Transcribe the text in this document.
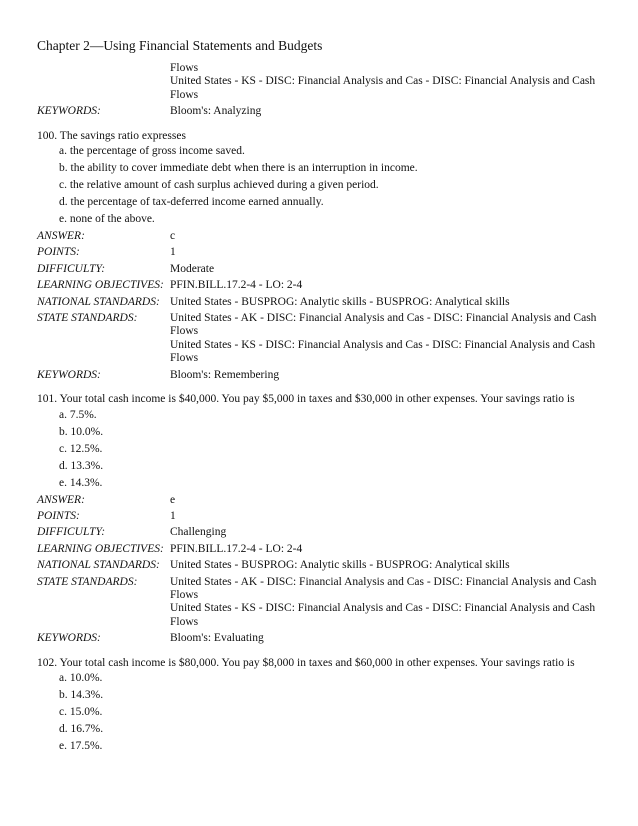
Chapter 2—Using Financial Statements and Budgets
Flows
United States - KS - DISC: Financial Analysis and Cas - DISC: Financial Analysis and Cash Flows
KEYWORDS:	Bloom's: Analyzing
100. The savings ratio expresses
a. the percentage of gross income saved.
b. the ability to cover immediate debt when there is an interruption in income.
c. the relative amount of cash surplus achieved during a given period.
d. the percentage of tax-deferred income earned annually.
e. none of the above.
ANSWER:	c
POINTS:	1
DIFFICULTY:	Moderate
LEARNING OBJECTIVES: PFIN.BILL.17.2-4 - LO: 2-4
NATIONAL STANDARDS: United States - BUSPROG: Analytic skills - BUSPROG: Analytical skills
STATE STANDARDS:	United States - AK - DISC: Financial Analysis and Cas - DISC: Financial Analysis and Cash Flows
United States - KS - DISC: Financial Analysis and Cas - DISC: Financial Analysis and Cash Flows
KEYWORDS:	Bloom's: Remembering
101. Your total cash income is $40,000. You pay $5,000 in taxes and $30,000 in other expenses. Your savings ratio is
a. 7.5%.
b. 10.0%.
c. 12.5%.
d. 13.3%.
e. 14.3%.
ANSWER:	e
POINTS:	1
DIFFICULTY:	Challenging
LEARNING OBJECTIVES: PFIN.BILL.17.2-4 - LO: 2-4
NATIONAL STANDARDS: United States - BUSPROG: Analytic skills - BUSPROG: Analytical skills
STATE STANDARDS:	United States - AK - DISC: Financial Analysis and Cas - DISC: Financial Analysis and Cash Flows
United States - KS - DISC: Financial Analysis and Cas - DISC: Financial Analysis and Cash Flows
KEYWORDS:	Bloom's: Evaluating
102. Your total cash income is $80,000. You pay $8,000 in taxes and $60,000 in other expenses. Your savings ratio is
a. 10.0%.
b. 14.3%.
c. 15.0%.
d. 16.7%.
e. 17.5%.
